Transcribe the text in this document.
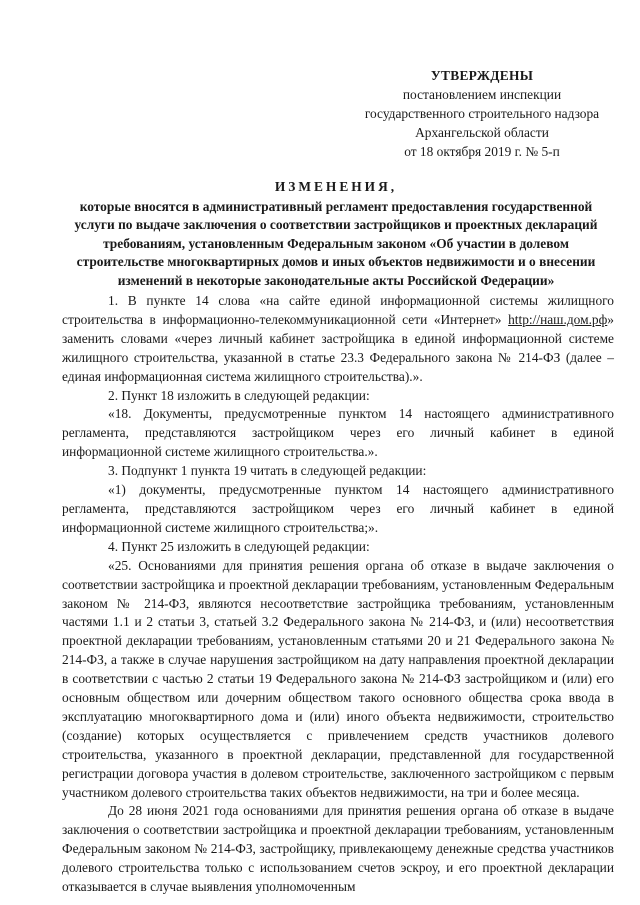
УТВЕРЖДЕНЫ
постановлением инспекции
государственного строительного надзора
Архангельской области
от 18 октября 2019 г. № 5-п
ИЗМЕНЕНИЯ,
которые вносятся в административный регламент предоставления государственной услуги по выдаче заключения о соответствии застройщиков и проектных деклараций требованиям, установленным Федеральным законом «Об участии в долевом строительстве многоквартирных домов и иных объектов недвижимости и о внесении изменений в некоторые законодательные акты Российской Федерации»

1. В пункте 14 слова «на сайте единой информационной системы жилищного строительства в информационно-телекоммуникационной сети «Интернет» http://наш.дом.рф» заменить словами «через личный кабинет застройщика в единой информационной системе жилищного строительства, указанной в статье 23.3 Федерального закона № 214-ФЗ (далее – единая информационная система жилищного строительства).».

2. Пункт 18 изложить в следующей редакции:

«18. Документы, предусмотренные пунктом 14 настоящего административного регламента, представляются застройщиком через его личный кабинет в единой информационной системе жилищного строительства.».

3. Подпункт 1 пункта 19 читать в следующей редакции:

«1) документы, предусмотренные пунктом 14 настоящего административного регламента, представляются застройщиком через его личный кабинет в единой информационной системе жилищного строительства;».

4. Пункт 25 изложить в следующей редакции:

«25. Основаниями для принятия решения органа об отказе в выдаче заключения о соответствии застройщика и проектной декларации требованиям, установленным Федеральным законом № 214-ФЗ, являются несоответствие застройщика требованиям, установленным частями 1.1 и 2 статьи 3, статьей 3.2 Федерального закона № 214-ФЗ, и (или) несоответствия проектной декларации требованиям, установленным статьями 20 и 21 Федерального закона № 214-ФЗ, а также в случае нарушения застройщиком на дату направления проектной декларации в соответствии с частью 2 статьи 19 Федерального закона № 214-ФЗ застройщиком и (или) его основным обществом или дочерним обществом такого основного общества срока ввода в эксплуатацию многоквартирного дома и (или) иного объекта недвижимости, строительство (создание) которых осуществляется с привлечением средств участников долевого строительства, указанного в проектной декларации, представленной для государственной регистрации договора участия в долевом строительстве, заключенного застройщиком с первым участником долевого строительства таких объектов недвижимости, на три и более месяца.

До 28 июня 2021 года основаниями для принятия решения органа об отказе в выдаче заключения о соответствии застройщика и проектной декларации требованиям, установленным Федеральным законом № 214-ФЗ, застройщику, привлекающему денежные средства участников долевого строительства только с использованием счетов эскроу, и его проектной декларации отказывается в случае выявления уполномоченным
